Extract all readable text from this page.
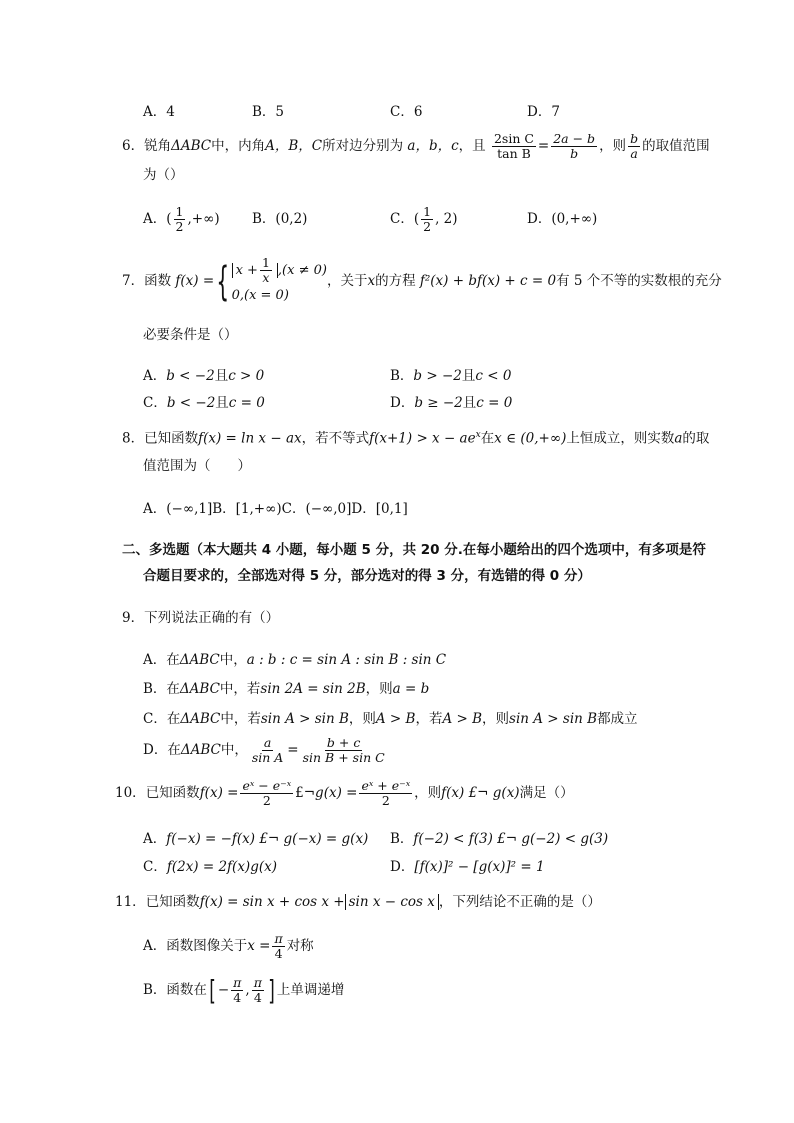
A．4	B．5	C．6	D．7
6．锐角ΔABC中，内角A，B，C所对边分别为 a，b，c，且 $\frac{\text{2sin C}}{\text{tan B}} = \frac{2a - b}{b}$ ，则 $\frac{b}{a}$ 的取值范围
为（）
A．( $\frac{1}{2}$ ,+∞) B．(0,2)	C．( $\frac{1}{2}$ , 2)	D．(0,+∞)
7．函数 f(x) ={ $x + \frac{1}{x} ,(x \ne 0)$
0,(x = 0)
，关于x的方程 f²(x) + bf(x) + c = 0有 5 个不等的实数根的充分
必要条件是（）
A．b < −2且c > 0	B．b > −2且c < 0
C．b < −2且c = 0	D．b ≥ −2且c = 0
8．已知函数f(x) = ln x − ax，若不等式$f(x+1) > x - ae^x$在x ∈ (0,+∞)上恒成立，则实数a的取
值范围为（　　）
A．(−∞,1]B．[1,+∞)C．(−∞,0]D．[0,1]
二、多选题（本大题共 4 小题，每小题 5 分，共 20 分.在每小题给出的四个选项中，有多项是符
合题目要求的，全部选对得 5 分，部分选对的得 3 分，有选错的得 0 分）
9．下列说法正确的有（）
A．在ΔABC中，a : b : c = sin A : sin B : sin C
B．在ΔABC中，若sin 2A = sin 2B，则a = b
C．在ΔABC中，若sin A > sin B，则A > B，若A > B，则sin A > sin B都成立
D．在ΔABC中， $\frac{a}{\text{sin A}} = \frac{b + c}{\text{sin B + sin C}}$
10．已知函数$f(x) = \frac{\text{eˣ − e⁻ˣ}}{2}$ £¬g(x) = $\frac{\text{eˣ + e⁻ˣ}}{2}$ ，则f(x) £¬ g(x)满足（）
A．f(−x) = −f(x) £¬ g(−x) = g(x) B．f(−2) < f(3) £¬ g(−2) < g(3)
C．f(2x) = 2f(x)g(x)	D．[f(x)]² − [g(x)]² = 1
11．已知函数f(x) = sin x + cos x + sin x − cos x ，下列结论不正确的是（）
A．函数图像关于$x = \frac{\pi}{4}$ 对称
B．函数在[ − $\frac{\pi}{4}$ , $\frac{\pi}{4}$ ] 上单调递增
